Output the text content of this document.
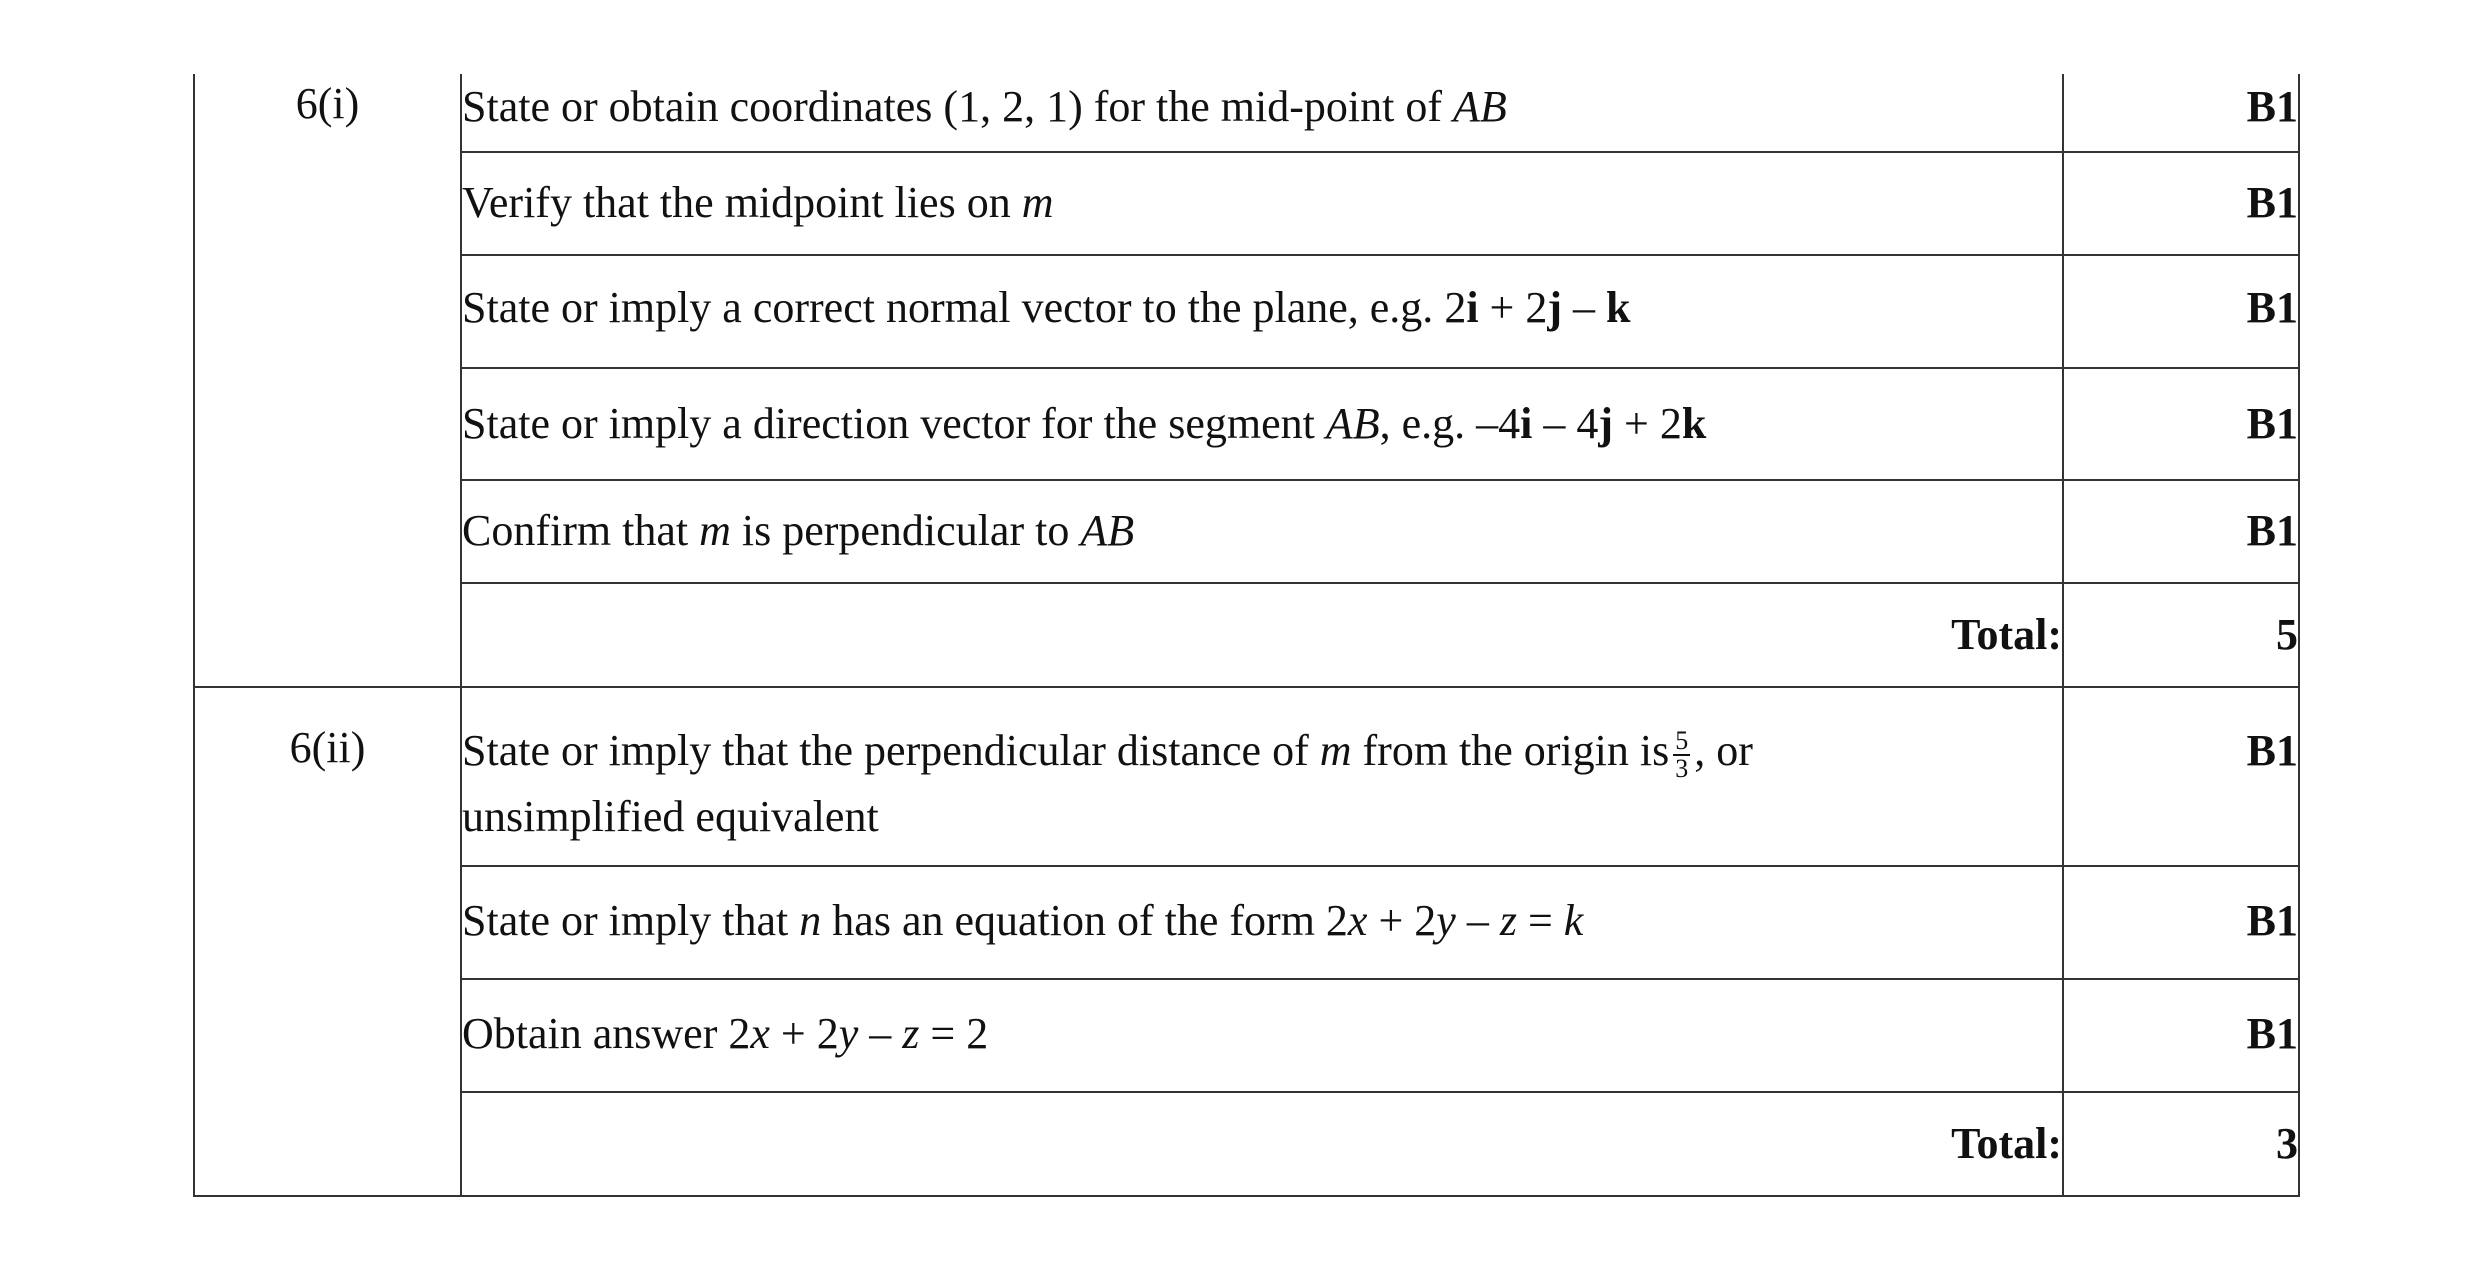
6(i)	State or obtain coordinates (1, 2, 1) for the mid-point of AB	B1

	Verify that the midpoint lies on m	B1

	State or imply a correct normal vector to the plane, e.g. 2i + 2j – k	B1

	State or imply a direction vector for the segment AB, e.g. –4i – 4j + 2k	B1

	Confirm that m is perpendicular to AB	B1
	Total:	5
6(ii)	State or imply that the perpendicular distance of m from the origin is $\frac{5}{3}$ , or
unsimplified equivalent	B1

	State or imply that n has an equation of the form 2x + 2y – z = k	B1

	Obtain answer 2x + 2y – z = 2	B1
	Total:	3
